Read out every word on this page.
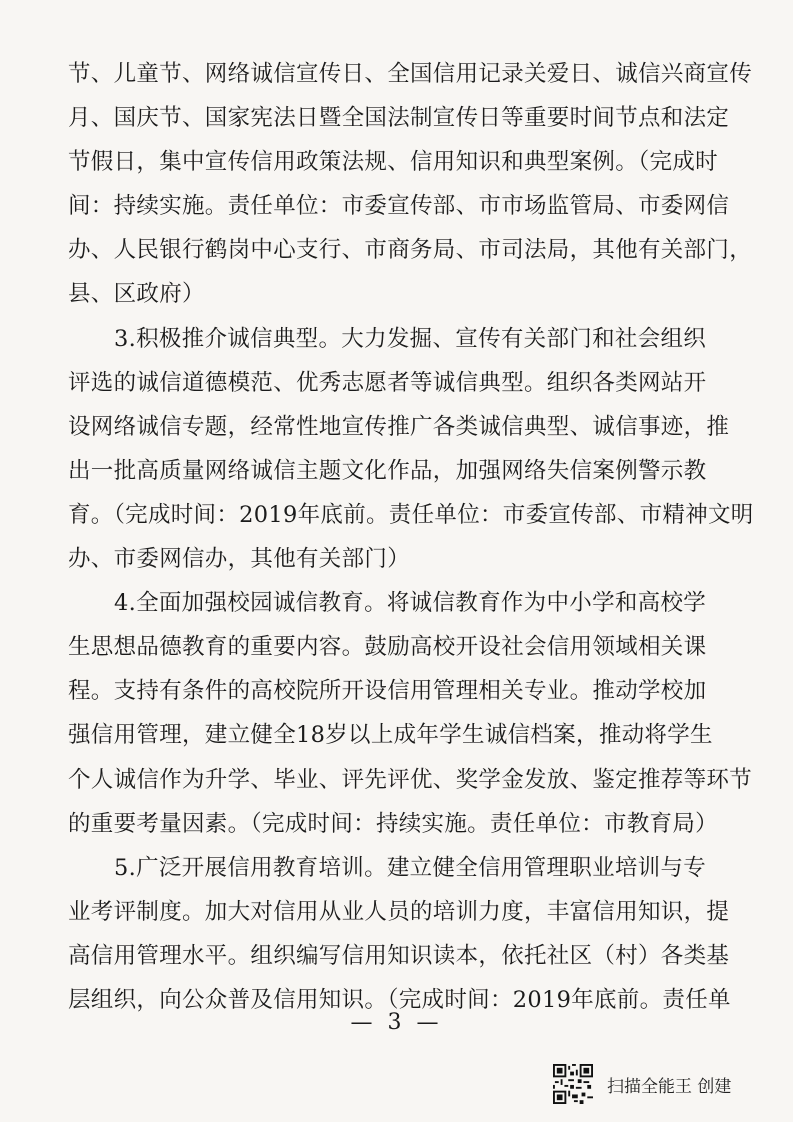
节、儿童节、网络诚信宣传日、全国信用记录关爱日、诚信兴商宣传
月、国庆节、国家宪法日暨全国法制宣传日等重要时间节点和法定
节假日，集中宣传信用政策法规、信用知识和典型案例。（完成时
间：持续实施。责任单位：市委宣传部、市市场监管局、市委网信
办、人民银行鹤岗中心支行、市商务局、市司法局，其他有关部门，
县、区政府）
3.积极推介诚信典型。大力发掘、宣传有关部门和社会组织
评选的诚信道德模范、优秀志愿者等诚信典型。组织各类网站开
设网络诚信专题，经常性地宣传推广各类诚信典型、诚信事迹，推
出一批高质量网络诚信主题文化作品，加强网络失信案例警示教
育。（完成时间：2019年底前。责任单位：市委宣传部、市精神文明
办、市委网信办，其他有关部门）
4.全面加强校园诚信教育。将诚信教育作为中小学和高校学
生思想品德教育的重要内容。鼓励高校开设社会信用领域相关课
程。支持有条件的高校院所开设信用管理相关专业。推动学校加
强信用管理，建立健全18岁以上成年学生诚信档案，推动将学生
个人诚信作为升学、毕业、评先评优、奖学金发放、鉴定推荐等环节
的重要考量因素。（完成时间：持续实施。责任单位：市教育局）
5.广泛开展信用教育培训。建立健全信用管理职业培训与专
业考评制度。加大对信用从业人员的培训力度，丰富信用知识，提
高信用管理水平。组织编写信用知识读本，依托社区（村）各类基
层组织，向公众普及信用知识。（完成时间：2019年底前。责任单
— 3 —
扫描全能王 创建
